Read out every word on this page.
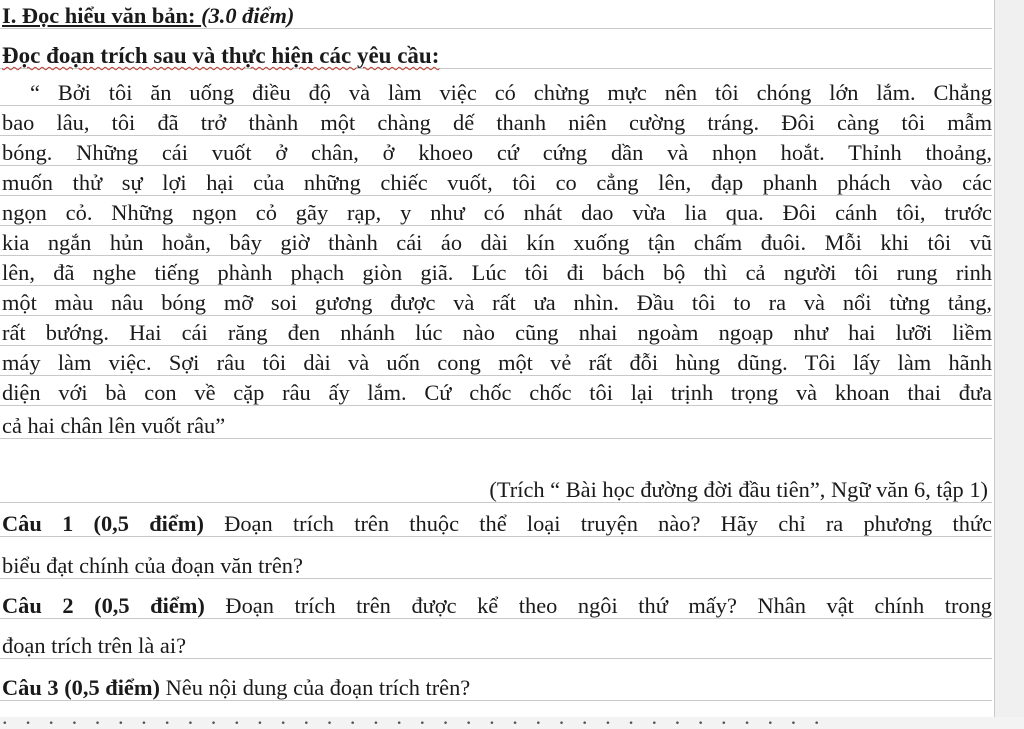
I. Đọc hiểu văn bản: (3.0 điểm)
Đọc đoạn trích sau và thực hiện các yêu cầu:
“ Bởi tôi ăn uống điều độ và làm việc có chừng mực nên tôi chóng lớn lắm. Chẳng
bao lâu, tôi đã trở thành một chàng dế thanh niên cường tráng. Đôi càng tôi mẫm
bóng. Những cái vuốt ở chân, ở khoeo cứ cứng dần và nhọn hoắt. Thỉnh thoảng,
muốn thử sự lợi hại của những chiếc vuốt, tôi co cẳng lên, đạp phanh phách vào các
ngọn cỏ. Những ngọn cỏ gãy rạp, y như có nhát dao vừa lia qua. Đôi cánh tôi, trước
kia ngắn hủn hoẳn, bây giờ thành cái áo dài kín xuống tận chấm đuôi. Mỗi khi tôi vũ
lên, đã nghe tiếng phành phạch giòn giã. Lúc tôi đi bách bộ thì cả người tôi rung rinh
một màu nâu bóng mỡ soi gương được và rất ưa nhìn. Đầu tôi to ra và nổi từng tảng,
rất bướng. Hai cái răng đen nhánh lúc nào cũng nhai ngoàm ngoạp như hai lưỡi liềm
máy làm việc. Sợi râu tôi dài và uốn cong một vẻ rất đỗi hùng dũng. Tôi lấy làm hãnh
diện với bà con về cặp râu ấy lắm. Cứ chốc chốc tôi lại trịnh trọng và khoan thai đưa
cả hai chân lên vuốt râu”
(Trích “ Bài học đường đời đầu tiên”, Ngữ văn 6, tập 1)
Câu 1 (0,5 điểm) Đoạn trích trên thuộc thể loại truyện nào? Hãy chỉ ra phương thức
biểu đạt chính của đoạn văn trên?
Câu 2 (0,5 điểm) Đoạn trích trên được kể theo ngôi thứ mấy? Nhân vật chính trong
đoạn trích trên là ai?
Câu 3 (0,5 điểm) Nêu nội dung của đoạn trích trên?
. . . . . . . . . . . . . . . . . . . . . . . . . . . . . . . . . . . .
